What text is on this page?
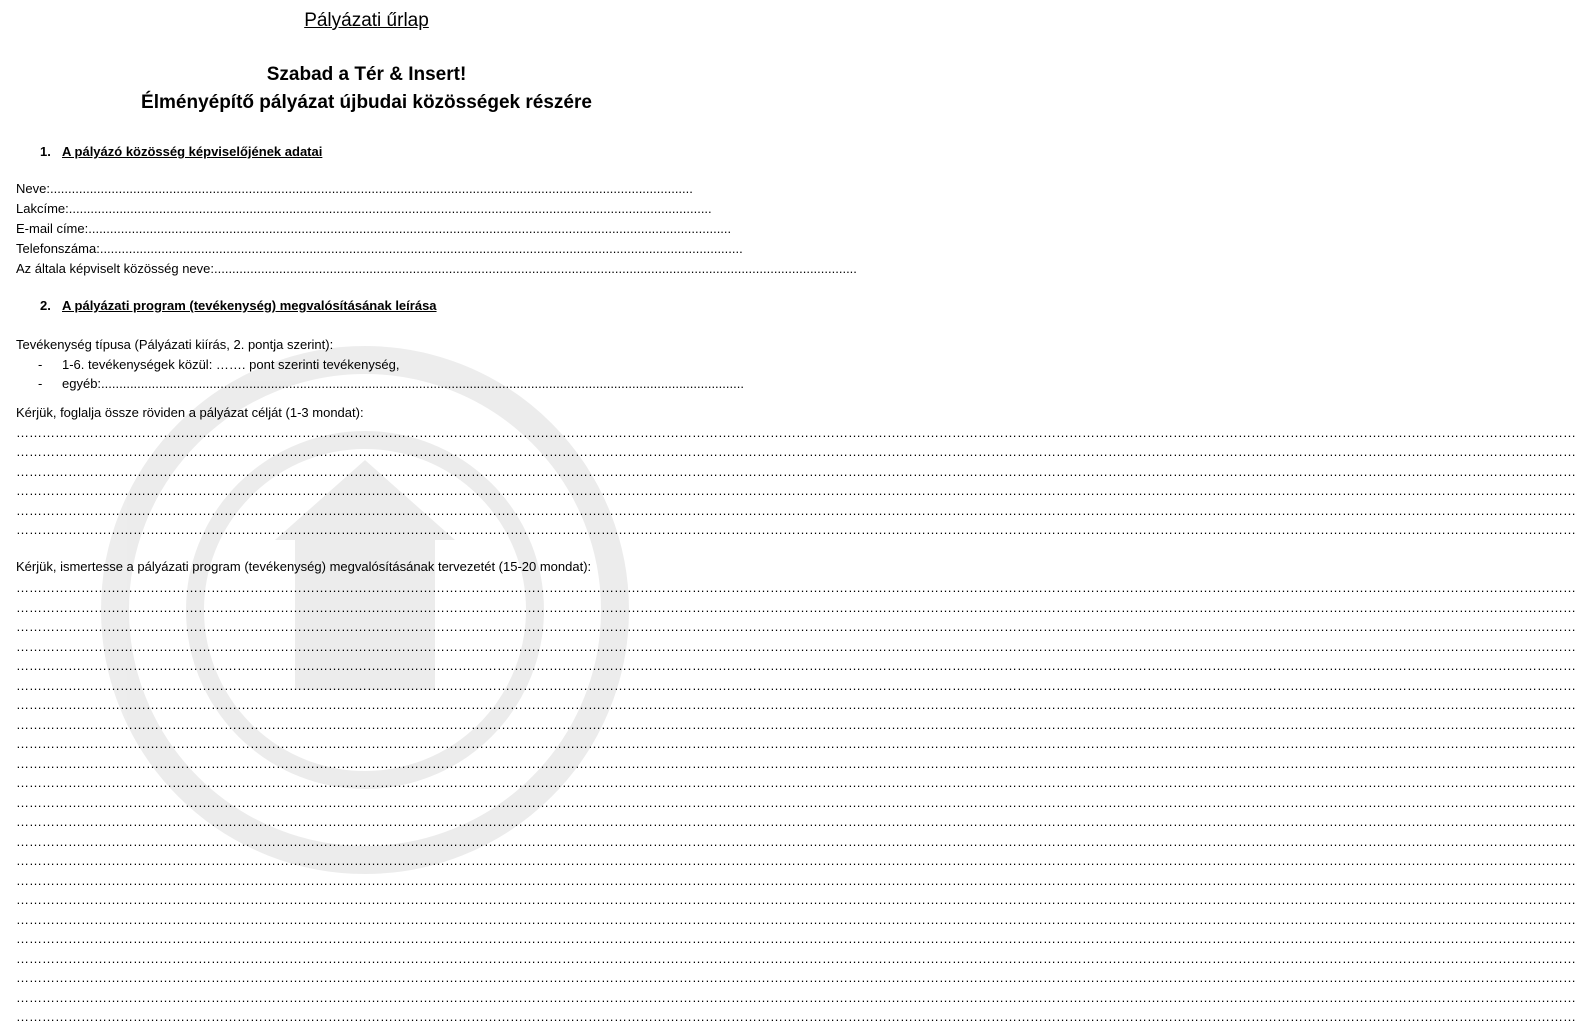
Pályázati űrlap
Szabad a Tér & Insert!
Élményépítő pályázat újbudai közösségek részére
1. A pályázó közösség képviselőjének adatai
Neve: ..................................................................................................................................................................................
Lakcíme: ..................................................................................................................................................................................
E-mail címe: ..................................................................................................................................................................................
Telefonszáma: ..................................................................................................................................................................................
Az általa képviselt közösség neve: ..................................................................................................................................................................................
2. A pályázati program (tevékenység) megvalósításának leírása
Tevékenység típusa (Pályázati kiírás, 2. pontja szerint):
-	1-6. tevékenységek közül: ……. pont szerinti tevékenység,
-	egyéb: ..................................................................................................................................................................................
Kérjük, foglalja össze röviden a pályázat célját (1-3 mondat):
………………………………………………………………………………………………………………………………………………………………………………………………………………………………………………………………………………………………………………………………
………………………………………………………………………………………………………………………………………………………………………………………………………………………………………………………………………………………………………………………………
………………………………………………………………………………………………………………………………………………………………………………………………………………………………………………………………………………………………………………………………
………………………………………………………………………………………………………………………………………………………………………………………………………………………………………………………………………………………………………………………………
………………………………………………………………………………………………………………………………………………………………………………………………………………………………………………………………………………………………………………………………
………………………………………………………………………………………………………………………………………………………………………………………………………………………………………………………………………………………………………………………………
Kérjük, ismertesse a pályázati program (tevékenység) megvalósításának tervezetét (15-20 mondat):
………………………………………………………………………………………………………………………………………………………………………………………………………………………………………………………………………………………………………………………………
………………………………………………………………………………………………………………………………………………………………………………………………………………………………………………………………………………………………………………………………
………………………………………………………………………………………………………………………………………………………………………………………………………………………………………………………………………………………………………………………………
………………………………………………………………………………………………………………………………………………………………………………………………………………………………………………………………………………………………………………………………
………………………………………………………………………………………………………………………………………………………………………………………………………………………………………………………………………………………………………………………………
………………………………………………………………………………………………………………………………………………………………………………………………………………………………………………………………………………………………………………………………
………………………………………………………………………………………………………………………………………………………………………………………………………………………………………………………………………………………………………………………………
………………………………………………………………………………………………………………………………………………………………………………………………………………………………………………………………………………………………………………………………
………………………………………………………………………………………………………………………………………………………………………………………………………………………………………………………………………………………………………………………………
………………………………………………………………………………………………………………………………………………………………………………………………………………………………………………………………………………………………………………………………
………………………………………………………………………………………………………………………………………………………………………………………………………………………………………………………………………………………………………………………………
………………………………………………………………………………………………………………………………………………………………………………………………………………………………………………………………………………………………………………………………
………………………………………………………………………………………………………………………………………………………………………………………………………………………………………………………………………………………………………………………………
………………………………………………………………………………………………………………………………………………………………………………………………………………………………………………………………………………………………………………………………
………………………………………………………………………………………………………………………………………………………………………………………………………………………………………………………………………………………………………………………………
………………………………………………………………………………………………………………………………………………………………………………………………………………………………………………………………………………………………………………………………
………………………………………………………………………………………………………………………………………………………………………………………………………………………………………………………………………………………………………………………………
………………………………………………………………………………………………………………………………………………………………………………………………………………………………………………………………………………………………………………………………
………………………………………………………………………………………………………………………………………………………………………………………………………………………………………………………………………………………………………………………………
………………………………………………………………………………………………………………………………………………………………………………………………………………………………………………………………………………………………………………………………
………………………………………………………………………………………………………………………………………………………………………………………………………………………………………………………………………………………………………………………………
………………………………………………………………………………………………………………………………………………………………………………………………………………………………………………………………………………………………………………………………
………………………………………………………………………………………………………………………………………………………………………………………………………………………………………………………………………………………………………………………………
